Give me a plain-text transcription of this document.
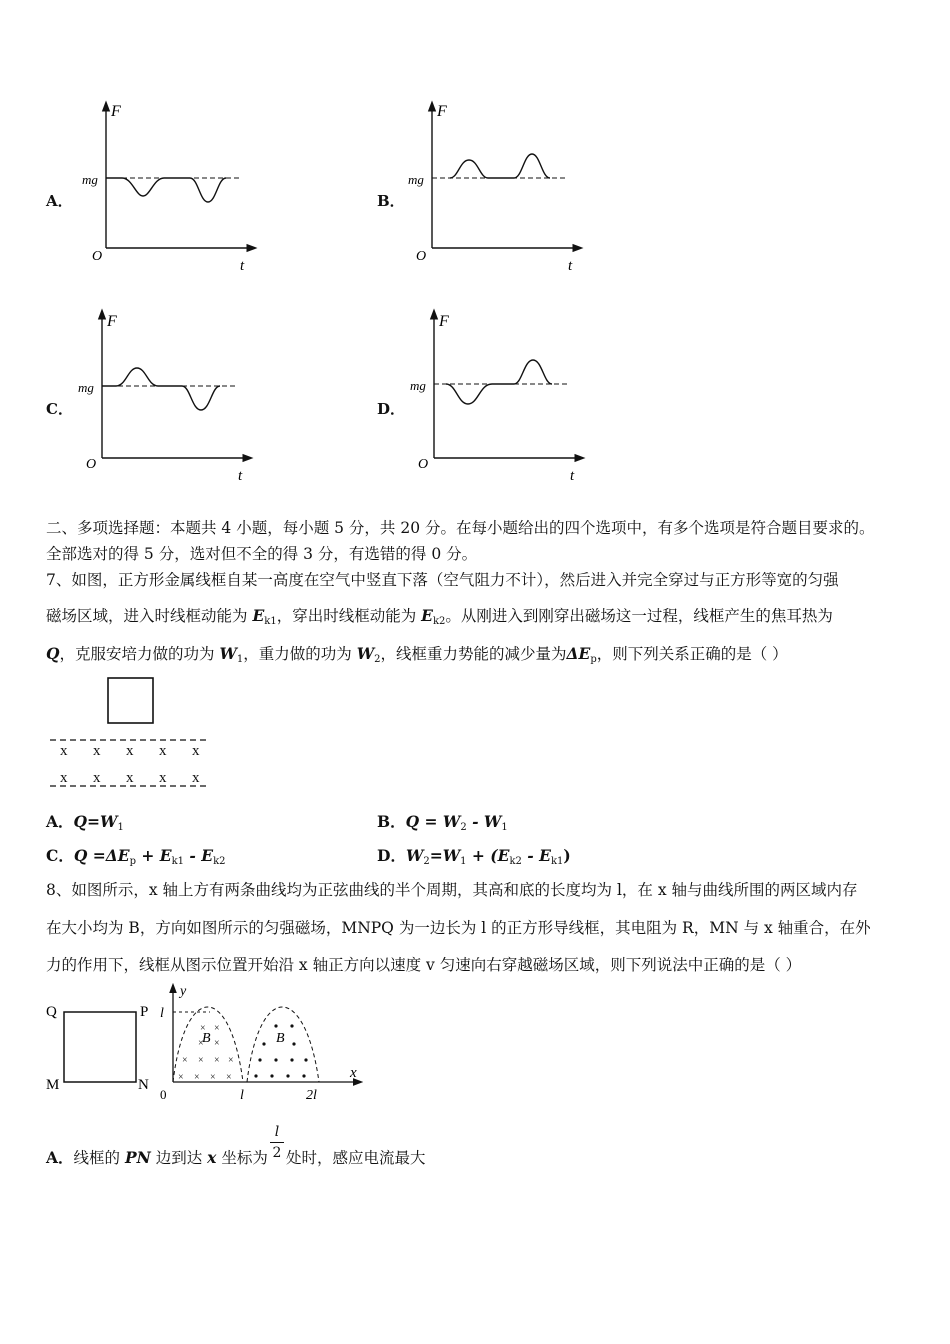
A．
F
mg
O
t
B．
F
mg
O
t
C．
F
mg
O
t
D．
F
mg
O
t
二、多项选择题：本题共 4 小题，每小题 5 分，共 20 分。在每小题给出的四个选项中，有多个选项是符合题目要求的。
全部选对的得 5 分，选对但不全的得 3 分，有选错的得 0 分。
7、如图，正方形金属线框自某一高度在空气中竖直下落（空气阻力不计），然后进入并完全穿过与正方形等宽的匀强
磁场区域，进入时线框动能为 $E_{k1}$，穿出时线框动能为 $E_{k2}$。从刚进入到刚穿出磁场这一过程，线框产生的焦耳热为
Q，克服安培力做的功为 $W_1$，重力做的功为 $W_2$，线框重力势能的减少量为$\Delta E_p$，则下列关系正确的是（ ）
x x x x x
x x x x x
A．$Q=W_1$	B．$Q = W_2 - W_1$
C．$Q =\Delta E_p + E_{k1} - E_{k2}$	D．$W_2=W_1 + (E_{k2} - E_{k1})$
8、如图所示，x 轴上方有两条曲线均为正弦曲线的半个周期，其高和底的长度均为 l，在 x 轴与曲线所围的两区域内存
在大小均为 B，方向如图所示的匀强磁场，MNPQ 为一边长为 l 的正方形导线框，其电阻为 R，MN 与 x 轴重合，在外
力的作用下，线框从图示位置开始沿 x 轴正方向以速度 v 匀速向右穿越磁场区域，则下列说法中正确的是（ ）
Q	P
M	N
y
x
l
0	l	2l
B	B
× ×
× ×
× × × ×
× × × ×
A．线框的 PN 边到达 x 坐标为
l
2 处时，感应电流最大
